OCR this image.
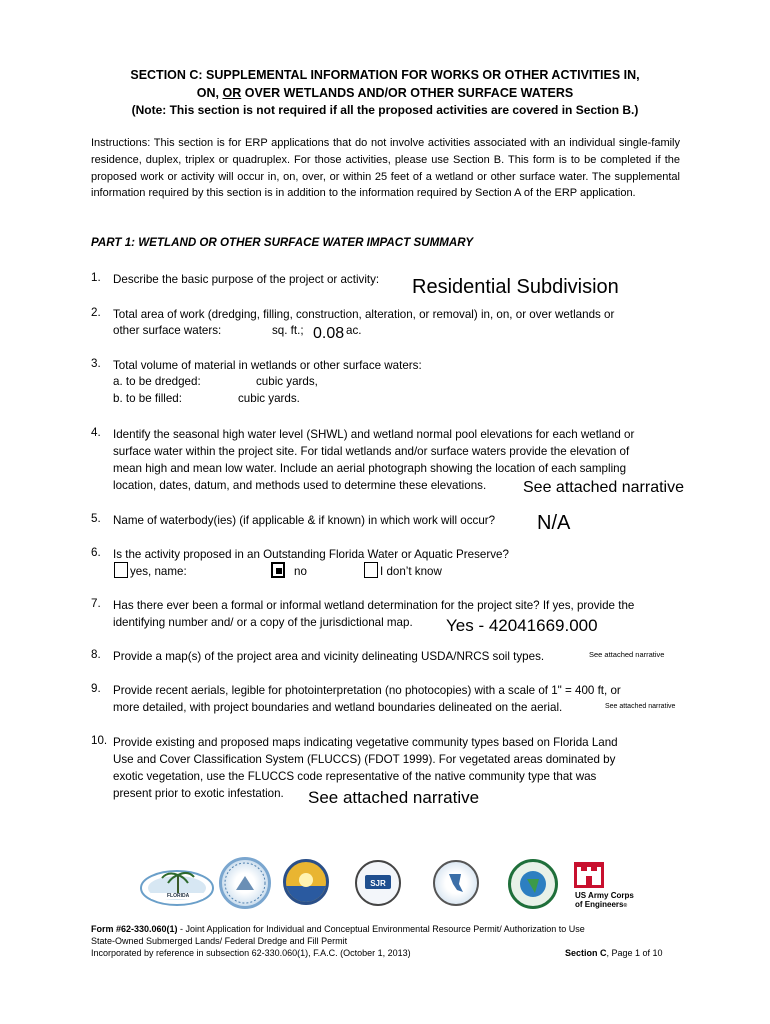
SECTION C: SUPPLEMENTAL INFORMATION FOR WORKS OR OTHER ACTIVITIES IN,
ON, OR OVER WETLANDS AND/OR OTHER SURFACE WATERS
(Note: This section is not required if all the proposed activities are covered in Section B.)
Instructions: This section is for ERP applications that do not involve activities associated with an individual single-family residence, duplex, triplex or quadruplex. For those activities, please use Section B. This form is to be completed if the proposed work or activity will occur in, on, over, or within 25 feet of a wetland or other surface water. The supplemental information required by this section is in addition to the information required by Section A of the ERP application.
PART 1: WETLAND OR OTHER SURFACE WATER IMPACT SUMMARY
1. Describe the basic purpose of the project or activity: Residential Subdivision
2. Total area of work (dredging, filling, construction, alteration, or removal) in, on, or over wetlands or
other surface waters:	sq. ft.; 0.08 ac.
3. Total volume of material in wetlands or other surface waters:
a. to be dredged:	cubic yards,
b. to be filled:	cubic yards.
4. Identify the seasonal high water level (SHWL) and wetland normal pool elevations for each wetland or
surface water within the project site. For tidal wetlands and/or surface waters provide the elevation of
mean high and mean low water. Include an aerial photograph showing the location of each sampling
location, dates, datum, and methods used to determine these elevations. See attached narrative
5. Name of waterbody(ies) (if applicable & if known) in which work will occur? N/A
6. Is the activity proposed in an Outstanding Florida Water or Aquatic Preserve?
yes, name:	no	I don’t know
7. Has there ever been a formal or informal wetland determination for the project site? If yes, provide the
identifying number and/ or a copy of the jurisdictional map. Yes - 42041669.000
8. Provide a map(s) of the project area and vicinity delineating USDA/NRCS soil types.	See attached narrative
9. Provide recent aerials, legible for photointerpretation (no photocopies) with a scale of 1" = 400 ft, or
more detailed, with project boundaries and wetland boundaries delineated on the aerial.	See attached narrative
10. Provide existing and proposed maps indicating vegetative community types based on Florida Land
Use and Cover Classification System (FLUCCS) (FDOT 1999). For vegetated areas dominated by
exotic vegetation, use the FLUCCS code representative of the native community type that was
present prior to exotic infestation. See attached narrative
FLORIDA
SJR
US Army Corps
of Engineers®
Form #62-330.060(1) - Joint Application for Individual and Conceptual Environmental Resource Permit/ Authorization to Use
State-Owned Submerged Lands/ Federal Dredge and Fill Permit
Incorporated by reference in subsection 62-330.060(1), F.A.C. (October 1, 2013)	Section C, Page 1 of 10
